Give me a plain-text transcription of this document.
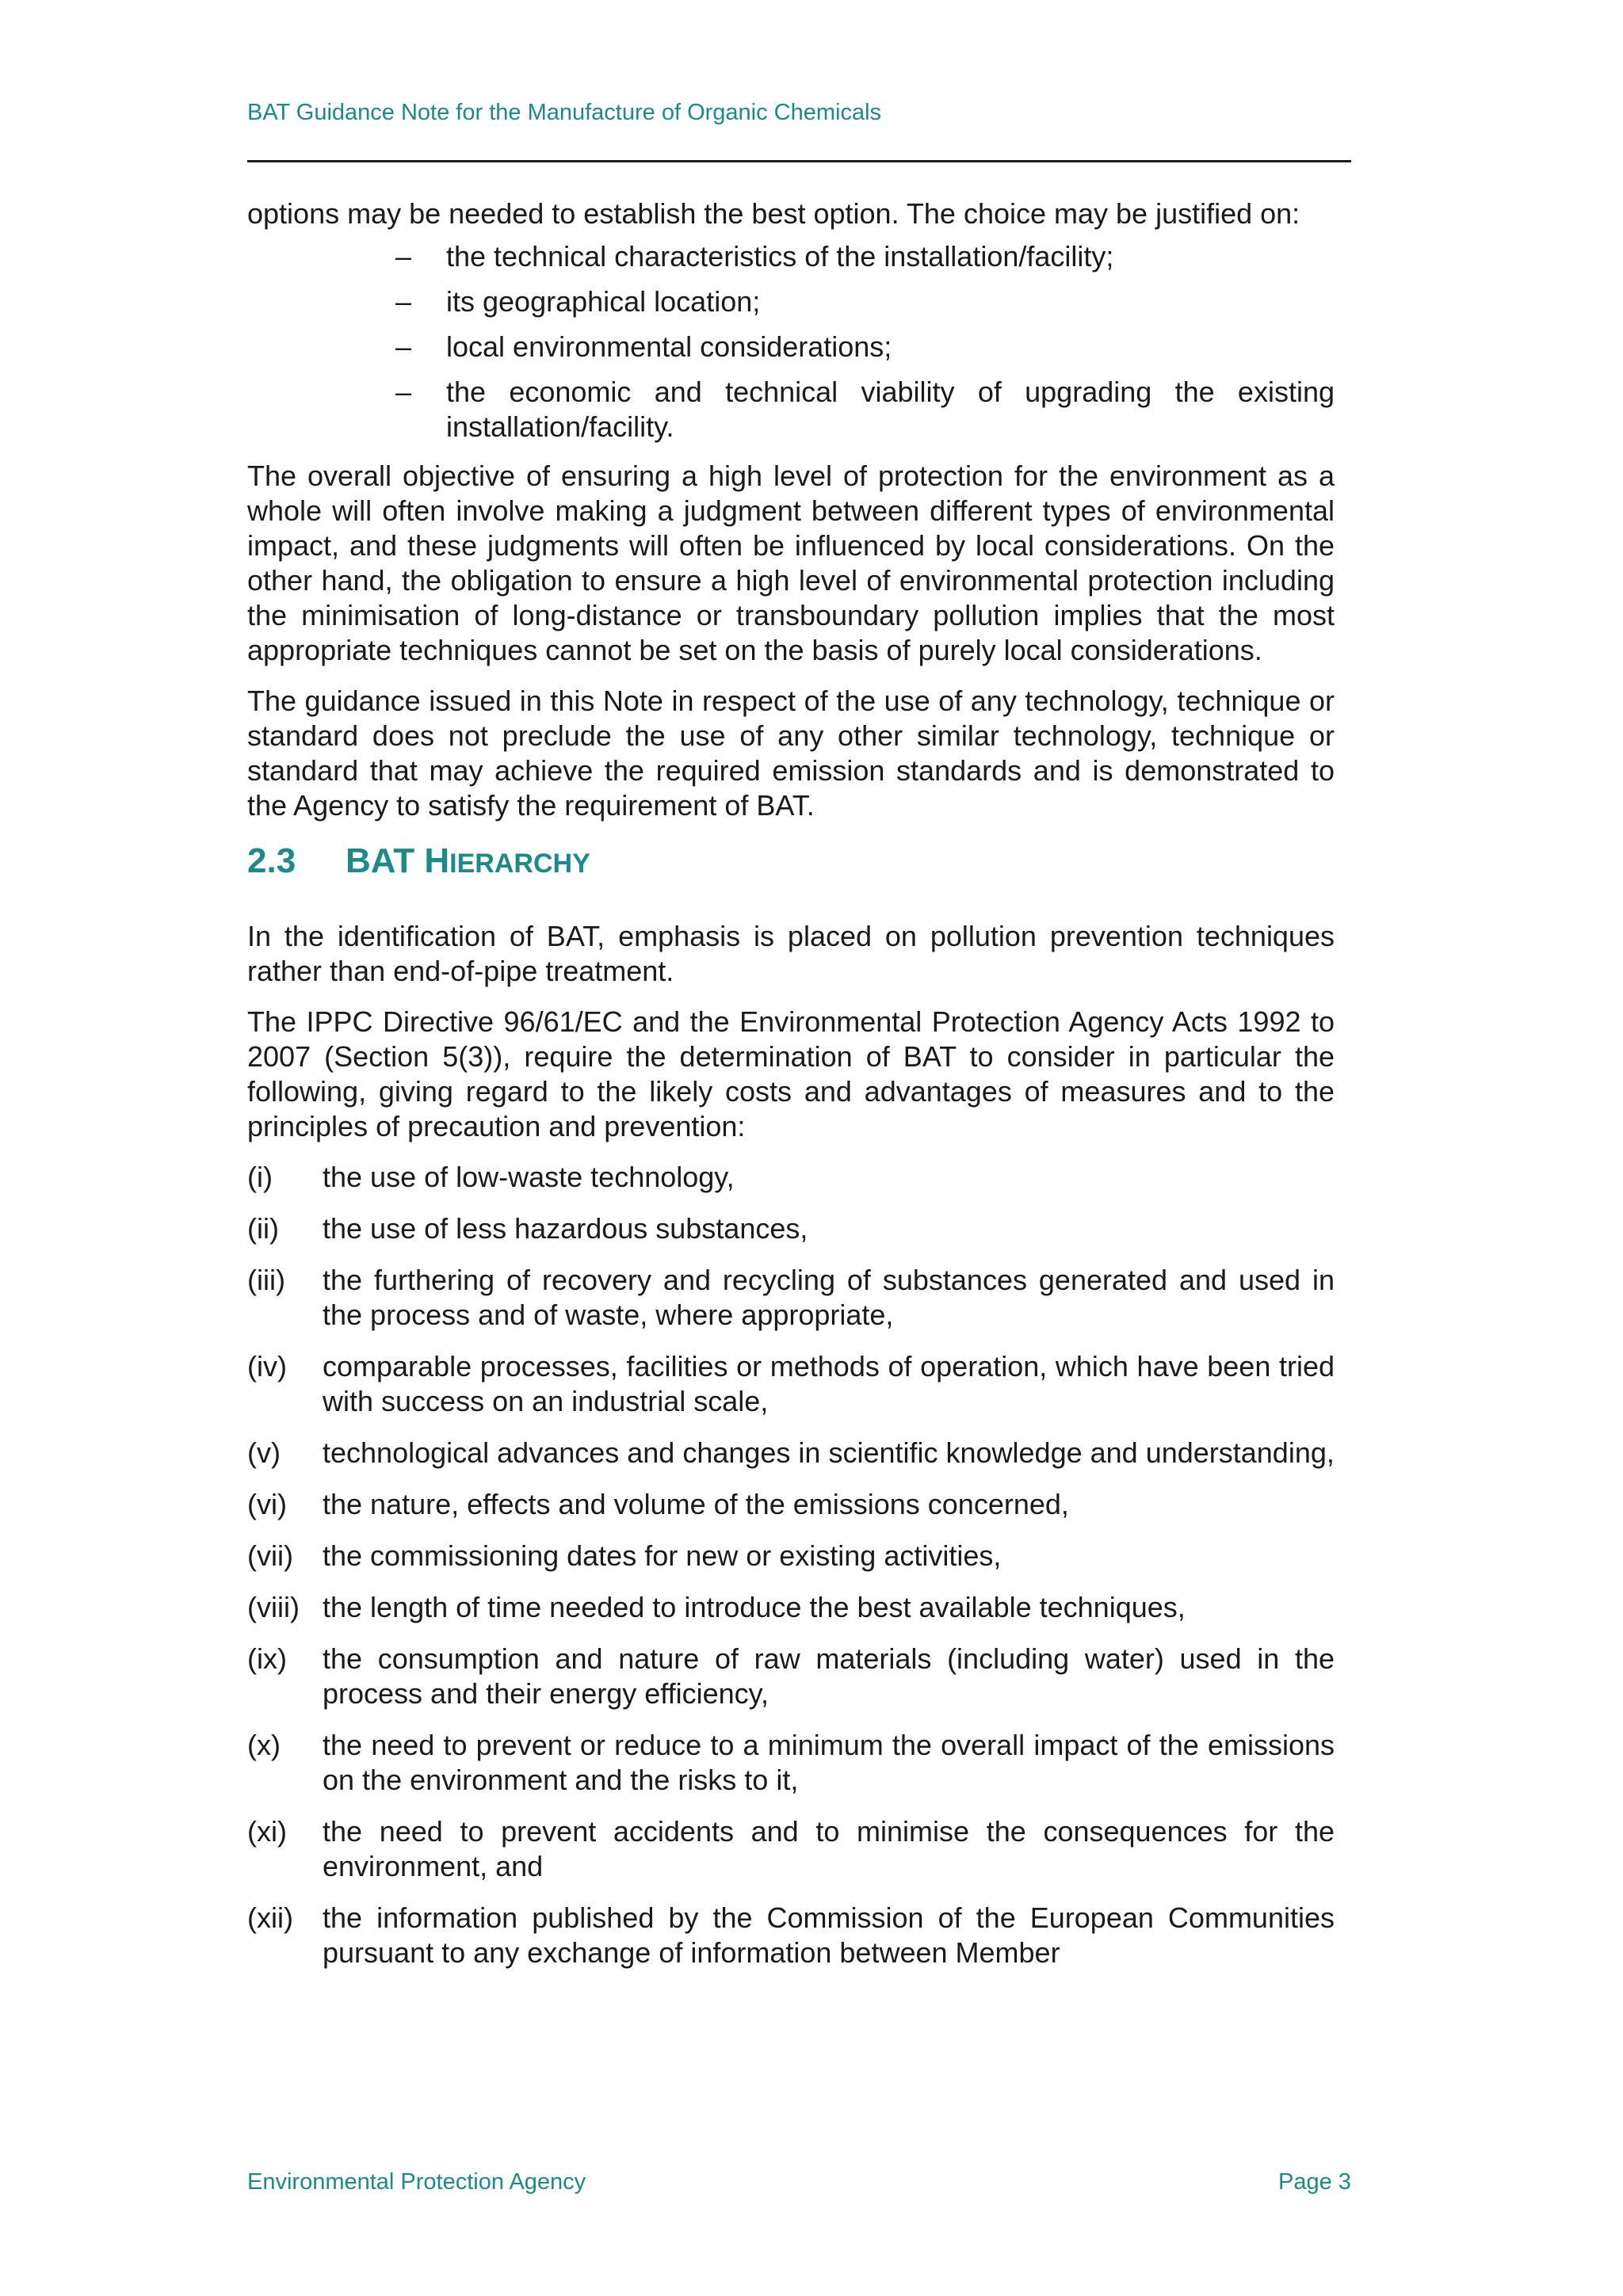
BAT Guidance Note for the Manufacture of Organic Chemicals

options may be needed to establish the best option. The choice may be justified on:

– the technical characteristics of the installation/facility;
– its geographical location;
– local environmental considerations;
– the economic and technical viability of upgrading the existing installation/facility.

The overall objective of ensuring a high level of protection for the environment as a whole will often involve making a judgment between different types of environmental impact, and these judgments will often be influenced by local considerations. On the other hand, the obligation to ensure a high level of environmental protection including the minimisation of long-distance or transboundary pollution implies that the most appropriate techniques cannot be set on the basis of purely local considerations.

The guidance issued in this Note in respect of the use of any technology, technique or standard does not preclude the use of any other similar technology, technique or standard that may achieve the required emission standards and is demonstrated to the Agency to satisfy the requirement of BAT.

2.3 BAT HIERARCHY

In the identification of BAT, emphasis is placed on pollution prevention techniques rather than end-of-pipe treatment.

The IPPC Directive 96/61/EC and the Environmental Protection Agency Acts 1992 to 2007 (Section 5(3)), require the determination of BAT to consider in particular the following, giving regard to the likely costs and advantages of measures and to the principles of precaution and prevention:

(i) the use of low-waste technology,
(ii) the use of less hazardous substances,
(iii) the furthering of recovery and recycling of substances generated and used in the process and of waste, where appropriate,
(iv) comparable processes, facilities or methods of operation, which have been tried with success on an industrial scale,
(v) technological advances and changes in scientific knowledge and understanding,
(vi) the nature, effects and volume of the emissions concerned,
(vii) the commissioning dates for new or existing activities,
(viii) the length of time needed to introduce the best available techniques,
(ix) the consumption and nature of raw materials (including water) used in the process and their energy efficiency,
(x) the need to prevent or reduce to a minimum the overall impact of the emissions on the environment and the risks to it,
(xi) the need to prevent accidents and to minimise the consequences for the environment, and
(xii) the information published by the Commission of the European Communities pursuant to any exchange of information between Member
Environmental Protection Agency	Page 3
